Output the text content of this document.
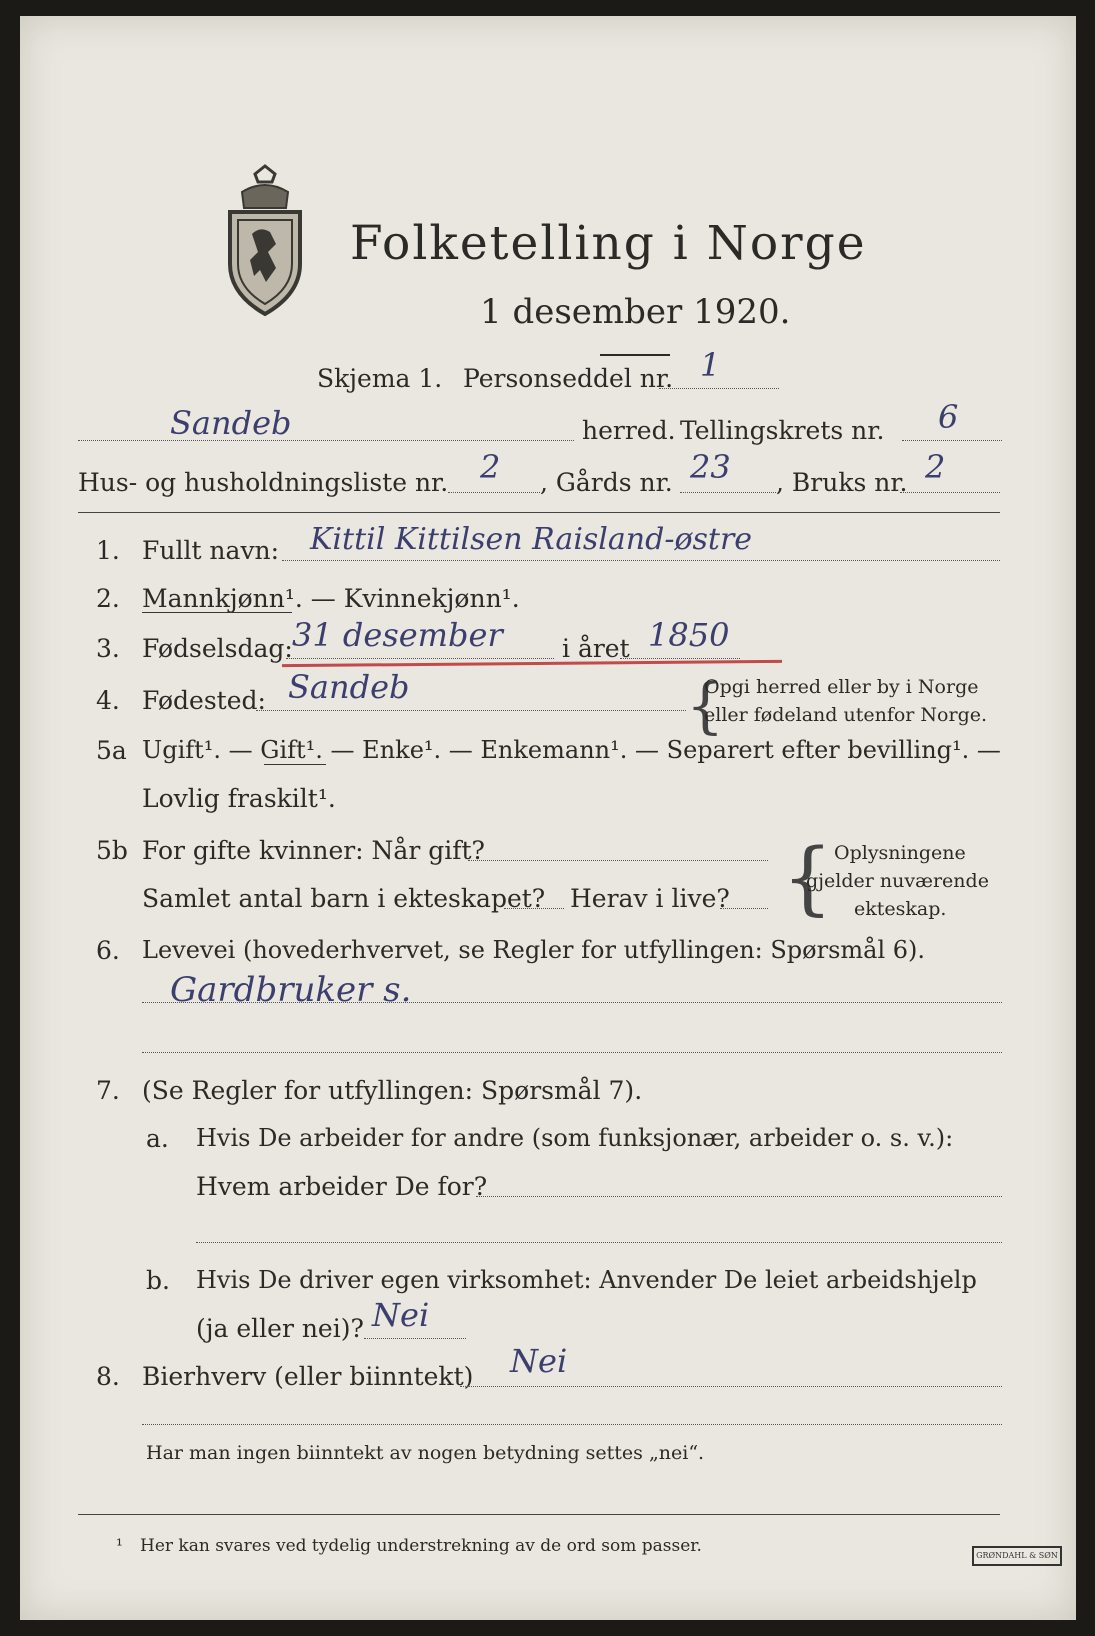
Folketelling i Norge
1 desember 1920.
Skjema 1. Personseddel nr. 1
Sandeb	herred. Tellingskrets nr. 6
Hus- og husholdningsliste nr. 2 , Gårds nr. 23 , Bruks nr. 2
1. Fullt navn: Kittil Kittilsen Raisland-østre
2. Mannkjønn¹. — Kvinnekjønn¹.
3. Fødselsdag: 31 desember i året 1850
4. Fødested: Sandeb	{
Opgi herred eller by i Norge
eller fødeland utenfor Norge.
5a Ugift¹. — Gift¹. — Enke¹. — Enkemann¹. — Separert efter bevilling¹. —
Lovlig fraskilt¹.
5b For gifte kvinner: Når gift?
Samlet antal barn i ekteskapet? Herav i live? { Oplysningene
gjelder nuværende
ekteskap.
6. Levevei (hovederhvervet, se Regler for utfyllingen: Spørsmål 6).
Gardbruker s.
7. (Se Regler for utfyllingen: Spørsmål 7).
a. Hvis De arbeider for andre (som funksjonær, arbeider o. s. v.):
Hvem arbeider De for?
b. Hvis De driver egen virksomhet: Anvender De leiet arbeidshjelp
(ja eller nei)? Nei
8. Bierhverv (eller biinntekt) Nei
Har man ingen biinntekt av nogen betydning settes „nei“.
¹ Her kan svares ved tydelig understrekning av de ord som passer.	GRØNDAHL & SØN
